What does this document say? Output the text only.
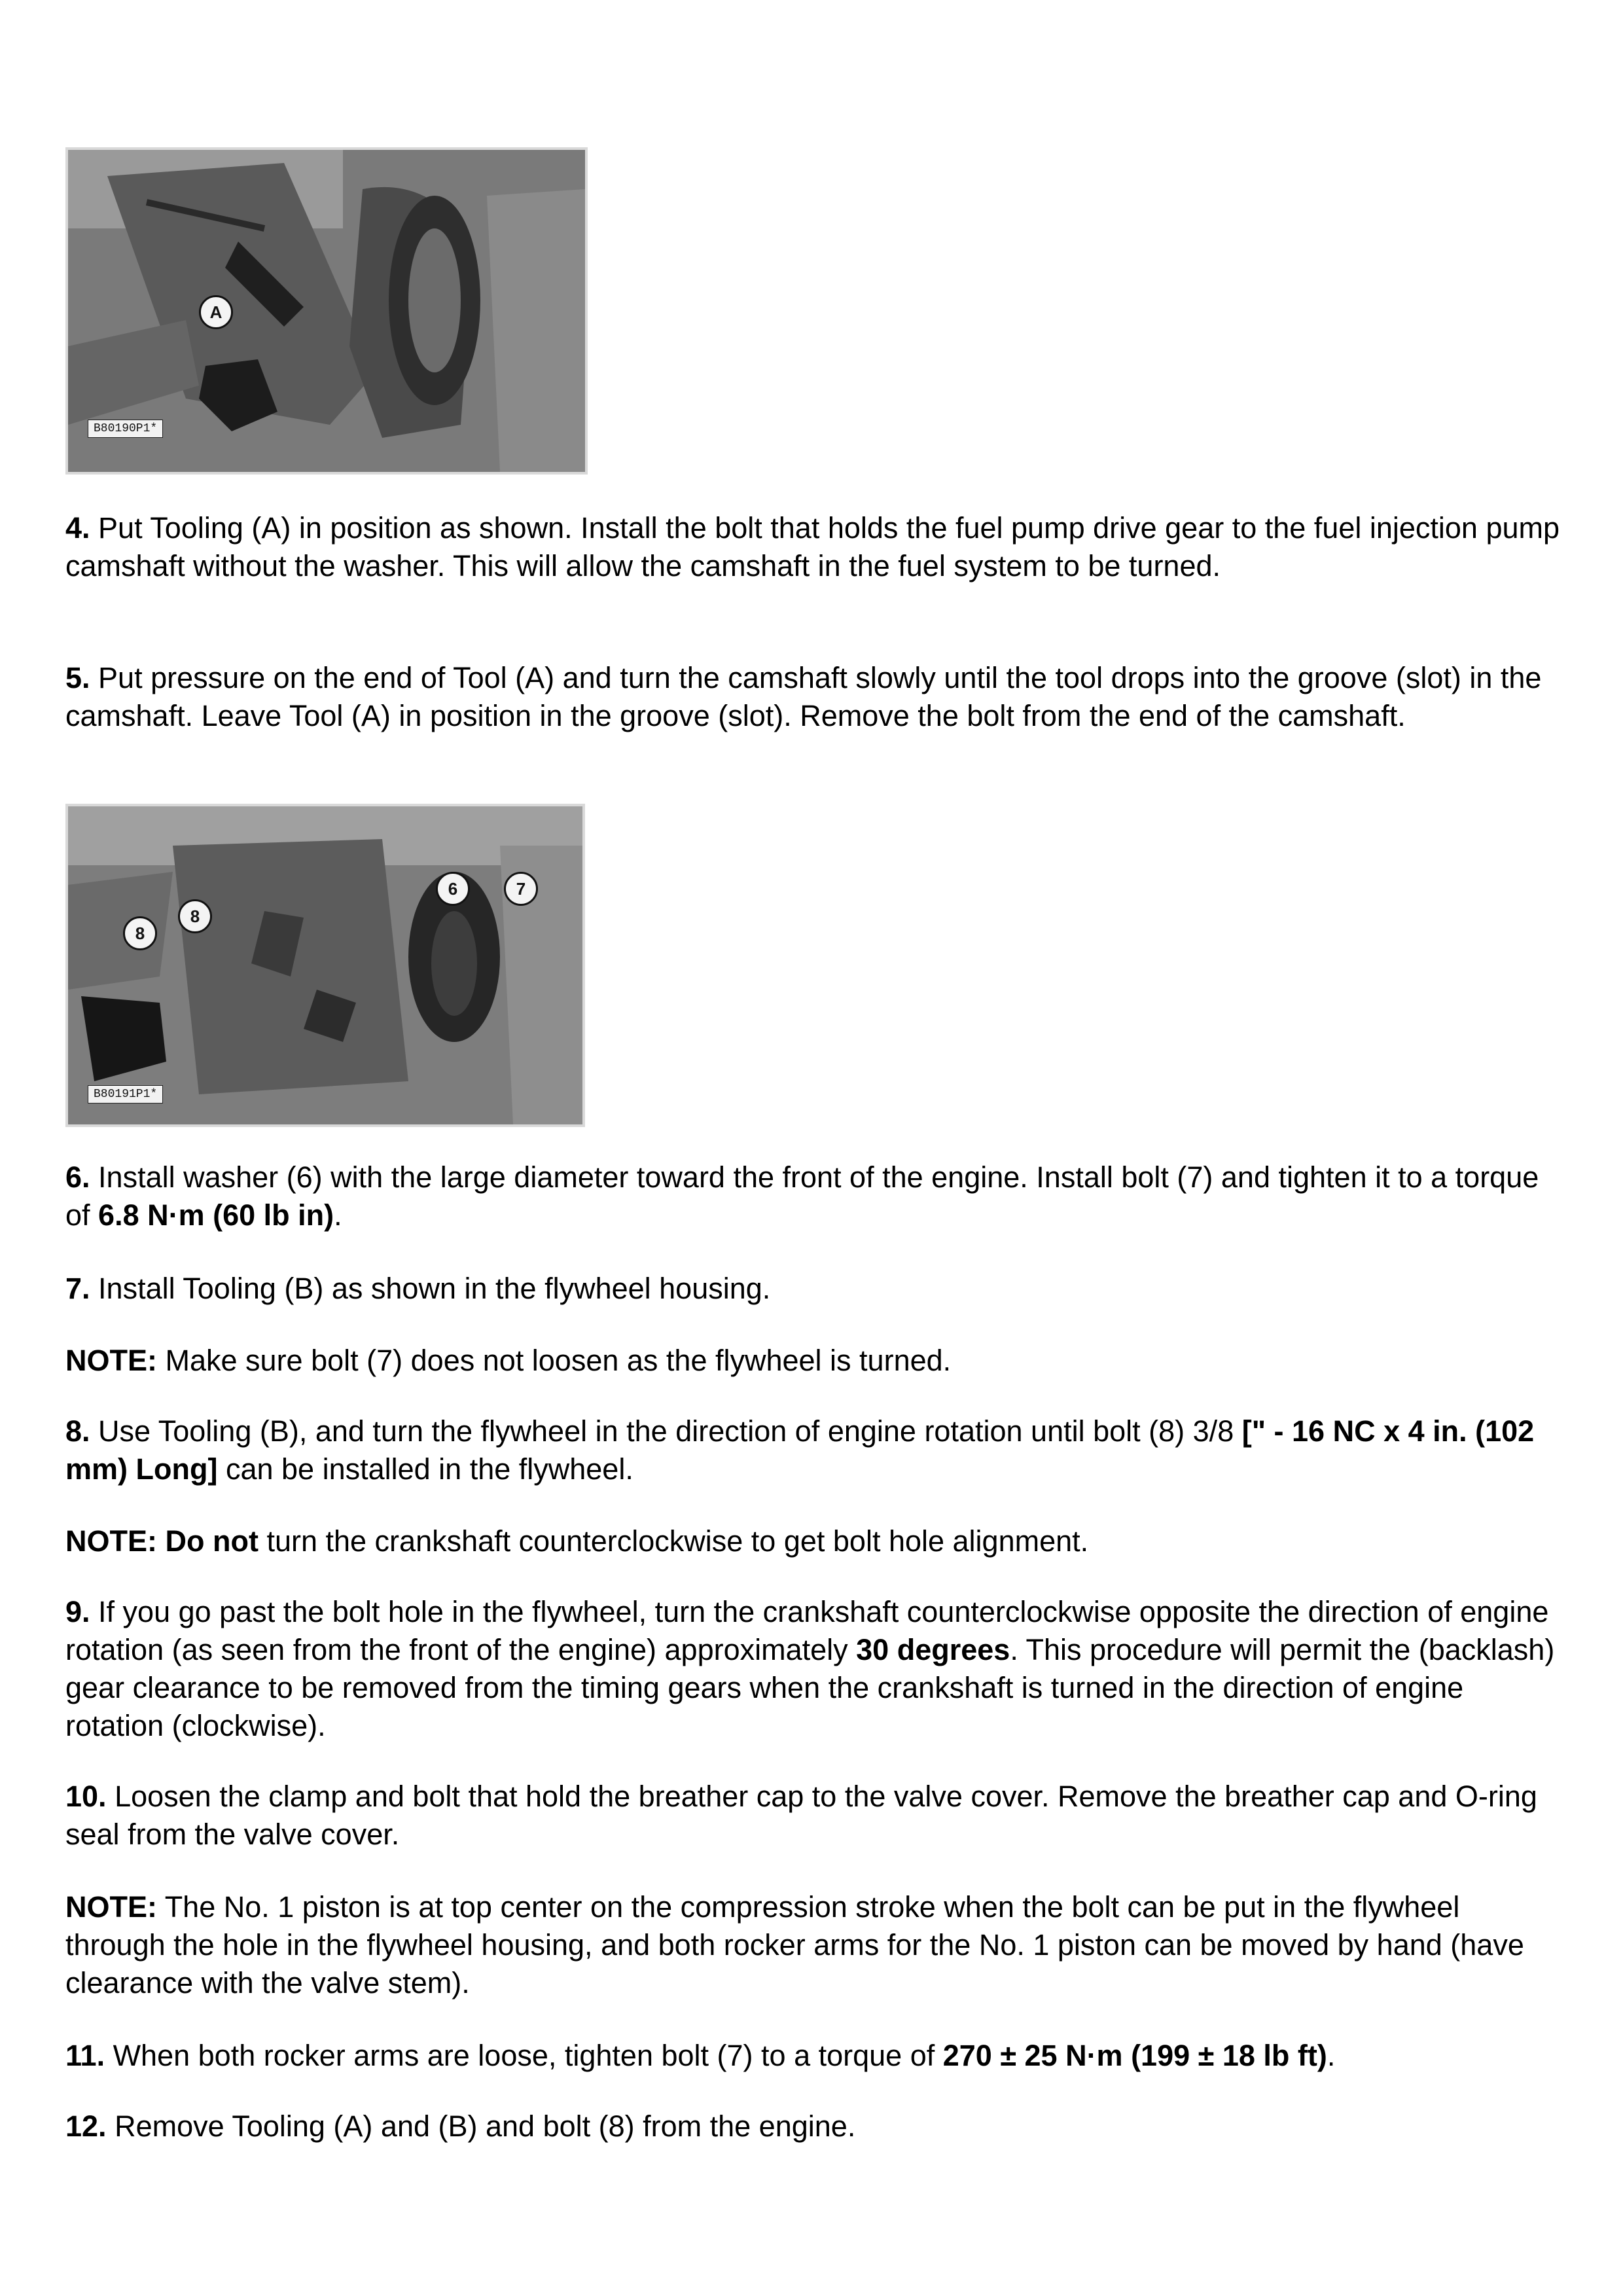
A
B80190P1*

4. Put Tooling (A) in position as shown. Install the bolt that holds the fuel pump drive gear to the fuel injection pump camshaft without the washer. This will allow the camshaft in the fuel system to be turned.

5. Put pressure on the end of Tool (A) and turn the camshaft slowly until the tool drops into the groove (slot) in the camshaft. Leave Tool (A) in position in the groove (slot). Remove the bolt from the end of the camshaft.

8
8
6	7
B80191P1*

6. Install washer (6) with the large diameter toward the front of the engine. Install bolt (7) and tighten it to a torque of 6.8 N·m (60 lb in).

7. Install Tooling (B) as shown in the flywheel housing.

NOTE: Make sure bolt (7) does not loosen as the flywheel is turned.

8. Use Tooling (B), and turn the flywheel in the direction of engine rotation until bolt (8) 3/8 [" - 16 NC x 4 in. (102 mm) Long] can be installed in the flywheel.

NOTE: Do not turn the crankshaft counterclockwise to get bolt hole alignment.

9. If you go past the bolt hole in the flywheel, turn the crankshaft counterclockwise opposite the direction of engine rotation (as seen from the front of the engine) approximately 30 degrees. This procedure will permit the (backlash) gear clearance to be removed from the timing gears when the crankshaft is turned in the direction of engine rotation (clockwise).

10. Loosen the clamp and bolt that hold the breather cap to the valve cover. Remove the breather cap and O-ring seal from the valve cover.

NOTE: The No. 1 piston is at top center on the compression stroke when the bolt can be put in the flywheel through the hole in the flywheel housing, and both rocker arms for the No. 1 piston can be moved by hand (have clearance with the valve stem).

11. When both rocker arms are loose, tighten bolt (7) to a torque of 270 ± 25 N·m (199 ± 18 lb ft).

12. Remove Tooling (A) and (B) and bolt (8) from the engine.
